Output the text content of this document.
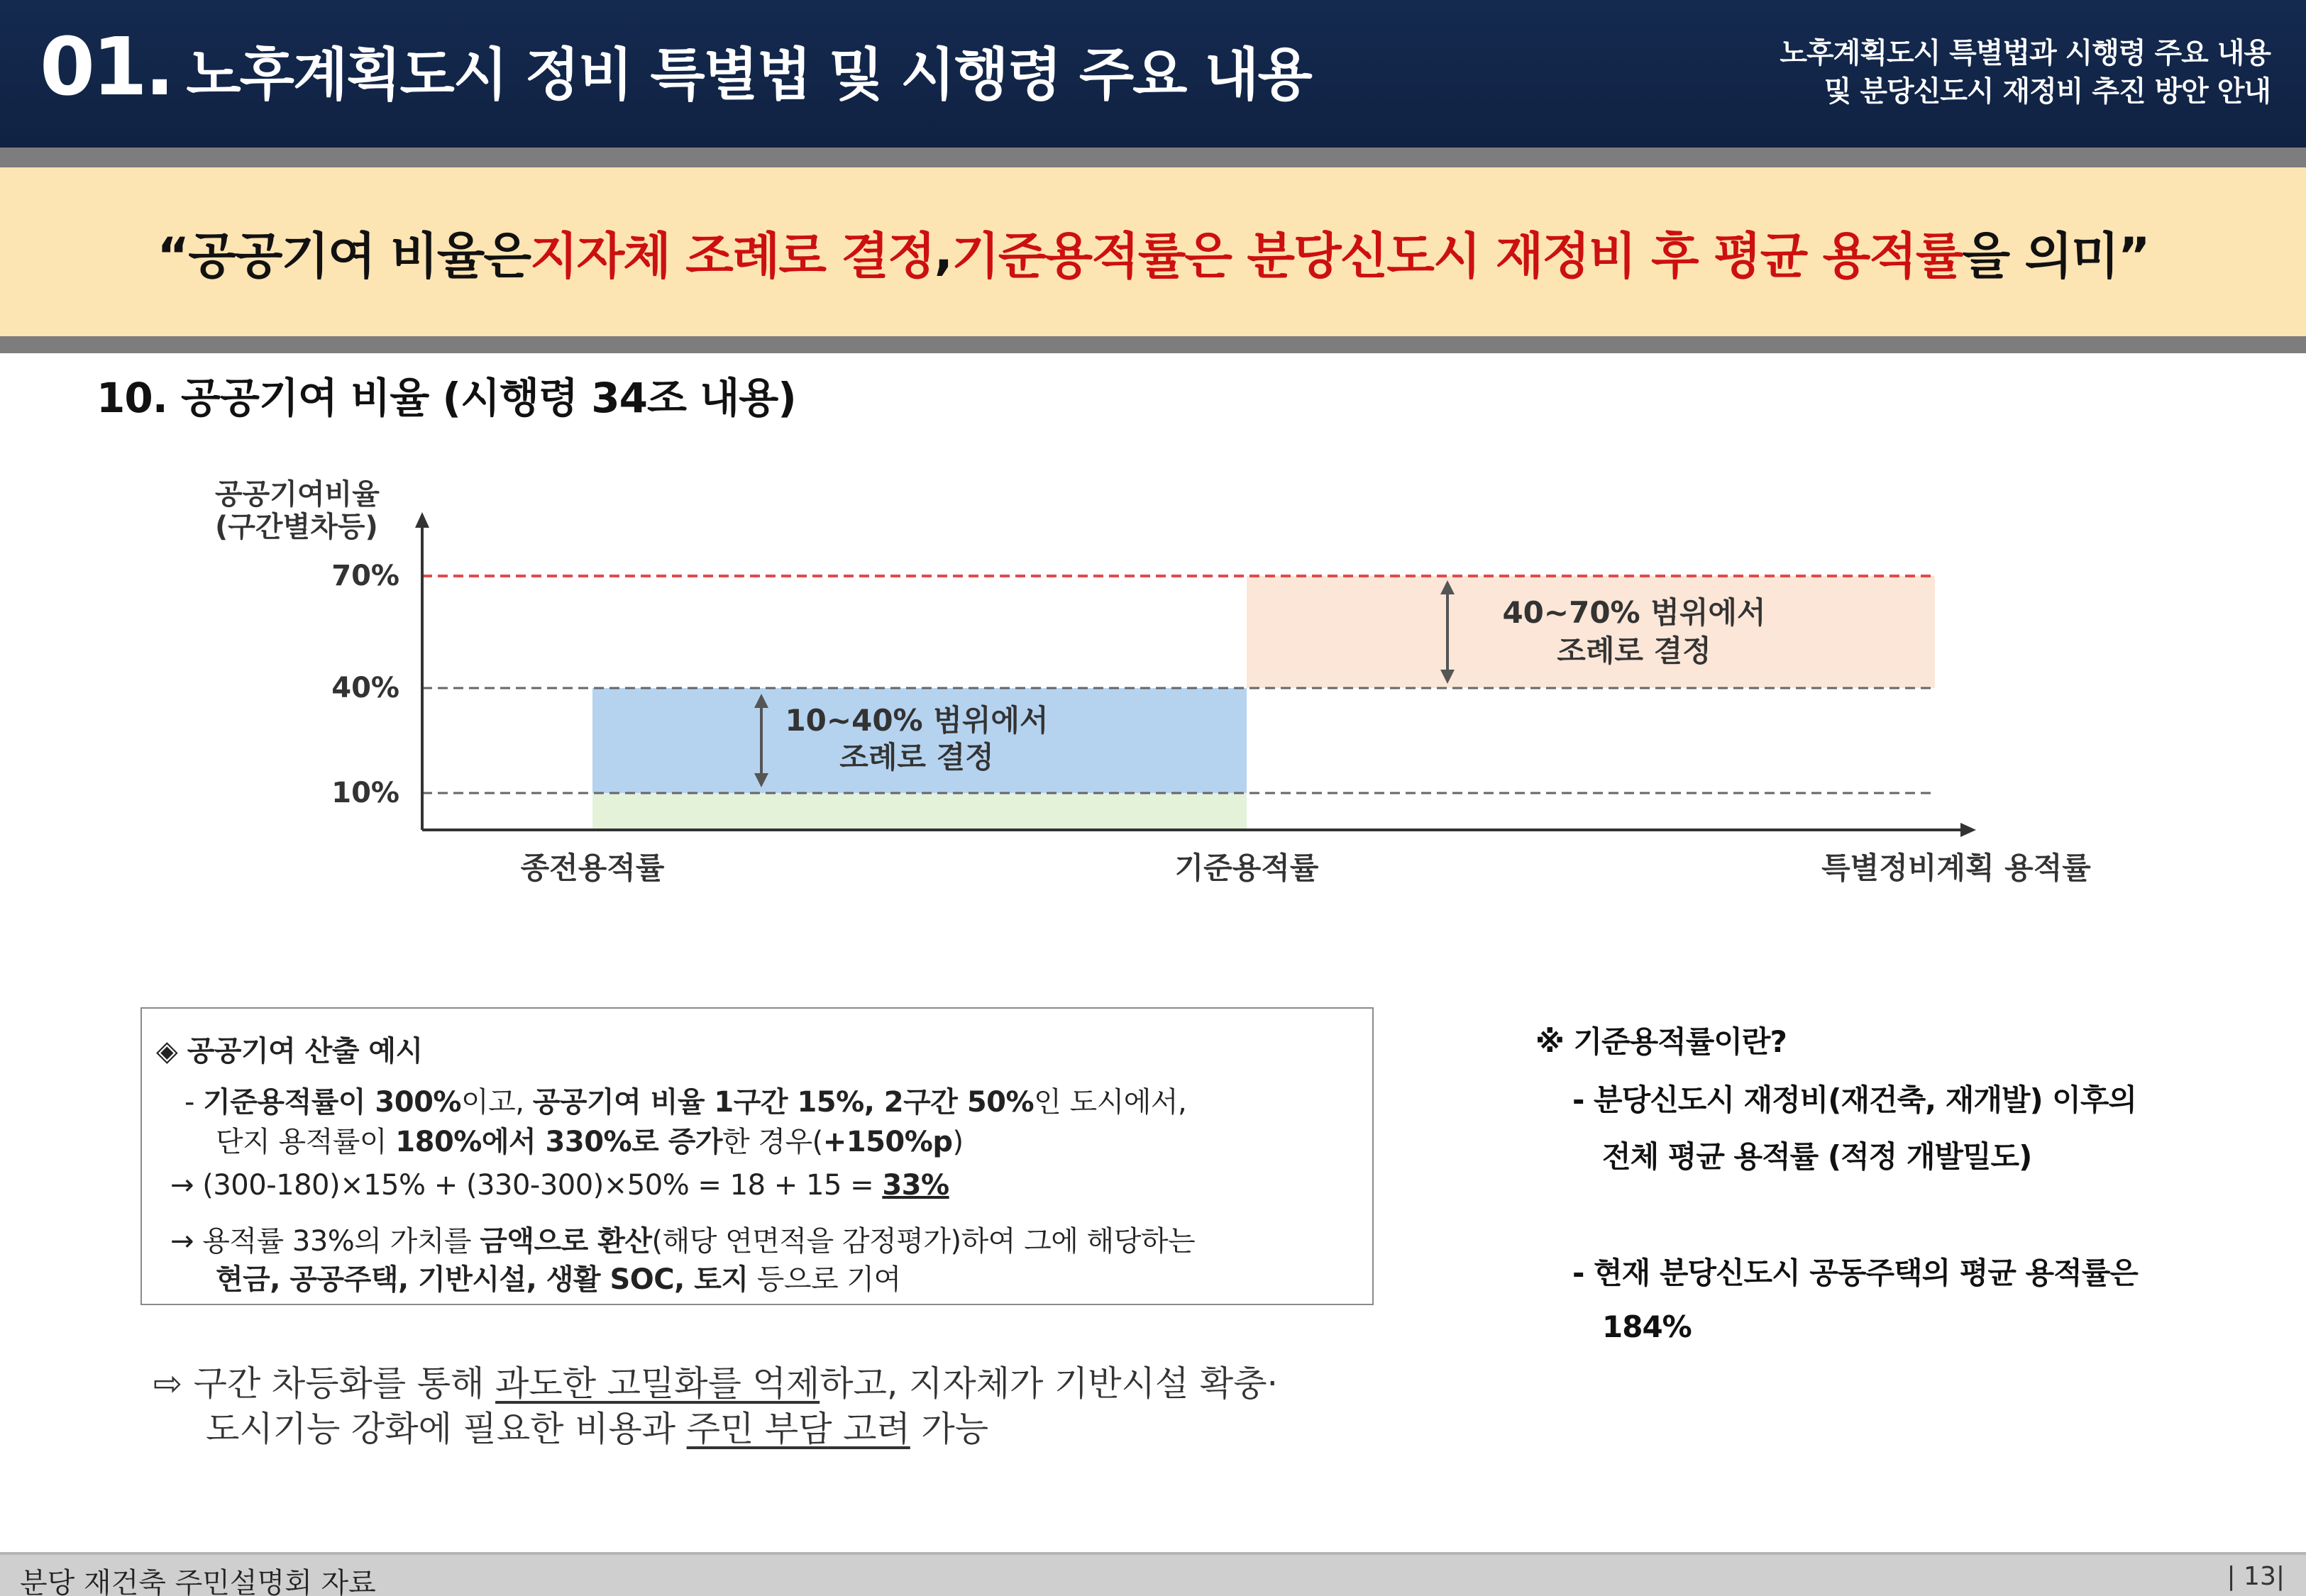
01. 노후계획도시 정비 특별법 및 시행령 주요 내용	노후계획도시 특별법과 시행령 주요 내용
및 분당신도시 재정비 추진 방안 안내
“공공기여 비율은 지자체 조례로 결정 , 기준용적률은 분당신도시 재정비 후 평균 용적률 을 의미”
10. 공공기여 비율 (시행령 34조 내용)
공공기여비율
(구간별차등)
70%
40%
10%
10~40% 범위에서
조례로 결정
40~70% 범위에서
조례로 결정
종전용적률	기준용적률	특별정비계획 용적률
◈ 공공기여 산출 예시
- 기준용적률이 300%이고, 공공기여 비율 1구간 15%, 2구간 50%인 도시에서,
단지 용적률이 180%에서 330%로 증가한 경우(+150%p)
→ (300-180)×15% + (330-300)×50% = 18 + 15 = 33%
→ 용적률 33%의 가치를 금액으로 환산(해당 연면적을 감정평가)하여 그에 해당하는
현금, 공공주택, 기반시설, 생활 SOC, 토지 등으로 기여
⇨ 구간 차등화를 통해 과도한 고밀화를 억제하고, 지자체가 기반시설 확충·
도시기능 강화에 필요한 비용과 주민 부담 고려 가능
※ 기준용적률이란?
- 분당신도시 재정비(재건축, 재개발) 이후의
전체 평균 용적률 (적정 개발밀도)
- 현재 분당신도시 공동주택의 평균 용적률은
184%
분당 재건축 주민설명회 자료	| 13|
